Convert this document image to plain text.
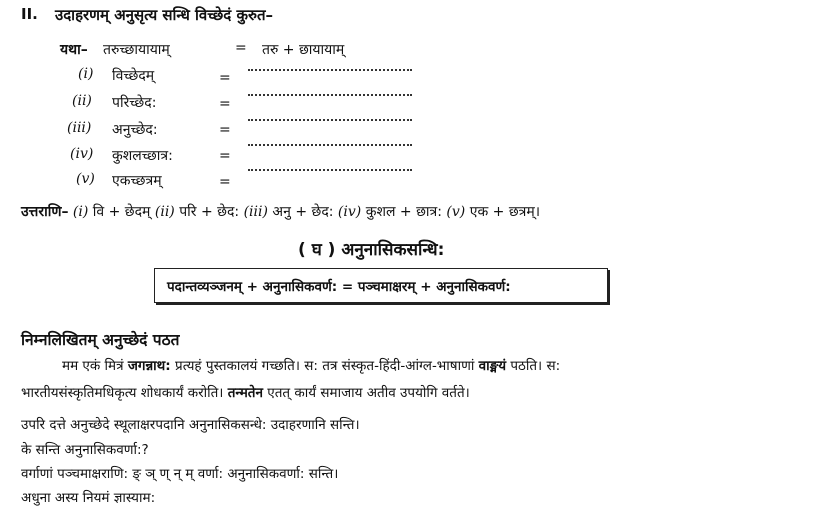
II. उदाहरणम् अनुसृत्य सन्धि विच्छेदं कुरुत–
यथा– तरुच्छायायाम्	= तरु + छायायाम्
(i) विच्छेदम्	=
(ii) परिच्छेद:	=
(iii) अनुच्छेद:	=
(iv) कुशलच्छात्र:	=
(v) एकच्छत्रम्	=
उत्तराणि– (i) वि + छेदम् (ii) परि + छेद: (iii) अनु + छेद: (iv) कुशल + छात्र: (v) एक + छत्रम्।
( घ ) अनुनासिकसन्धि:
पदान्तव्यञ्जनम् + अनुनासिकवर्ण: = पञ्चमाक्षरम् + अनुनासिकवर्ण:
निम्नलिखितम् अनुच्छेदं पठत
मम एकं मित्रं जगन्नाथ: प्रत्यहं पुस्तकालयं गच्छति। स: तत्र संस्कृत-हिंदी-आंग्ल-भाषाणां वाङ्मयं पठति। स:
भारतीयसंस्कृतिमधिकृत्य शोधकार्यं करोति। तन्मतेन एतत् कार्यं समाजाय अतीव उपयोगि वर्तते।
उपरि दत्ते अनुच्छेदे स्थूलाक्षरपदानि अनुनासिकसन्धे: उदाहरणानि सन्ति।
के सन्ति अनुनासिकवर्णा:?
वर्गाणां पञ्चमाक्षराणि: ङ् ञ् ण् न् म् वर्णा: अनुनासिकवर्णा: सन्ति।
अधुना अस्य नियमं ज्ञास्याम:
